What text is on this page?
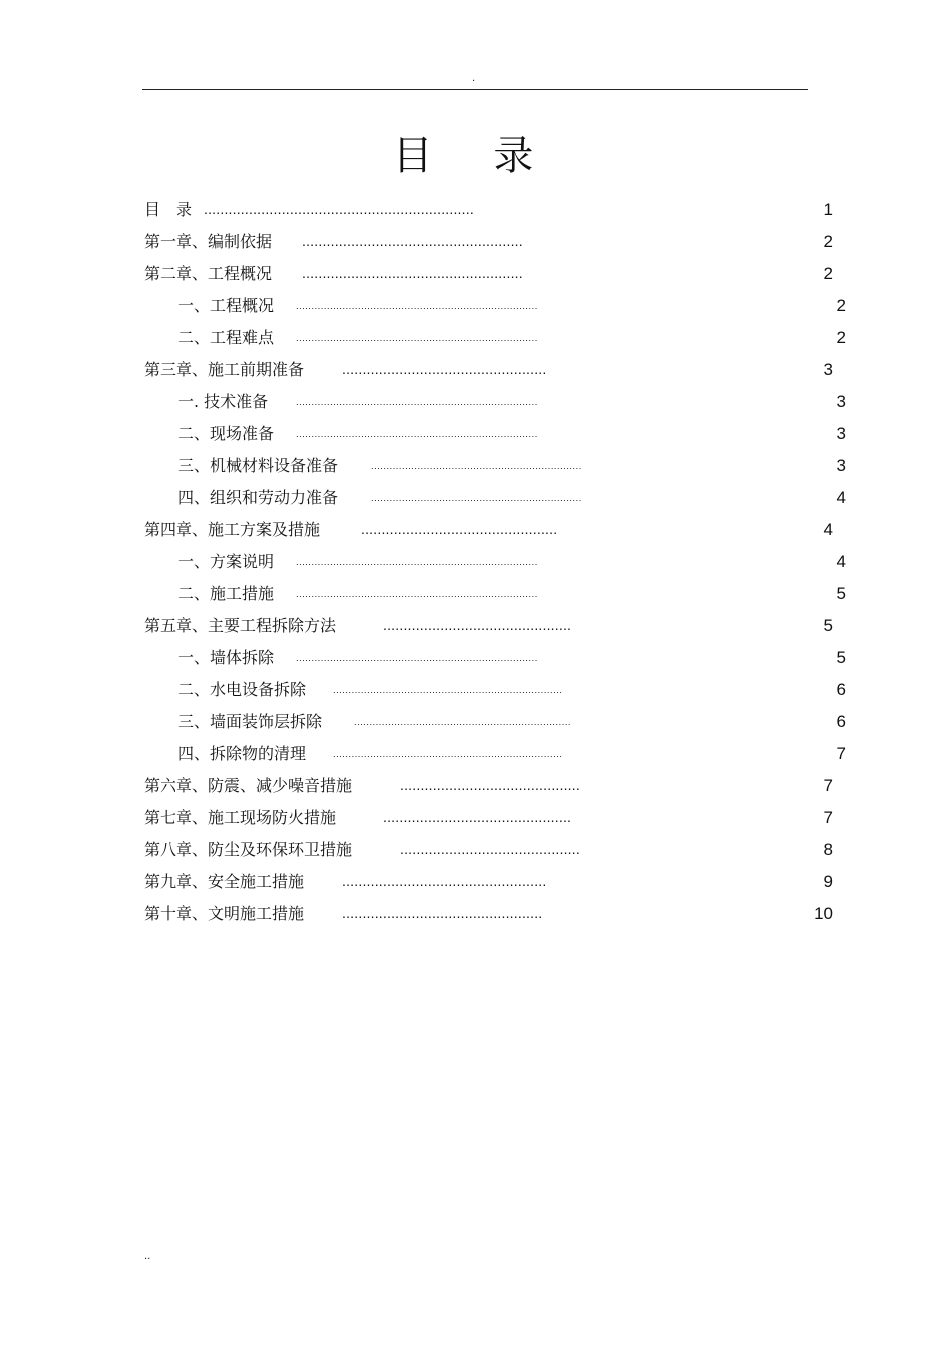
.
目 录
目　录 ..................................................................	1
第一章、编制依据 ......................................................	2
第二章、工程概况 ......................................................	2
一、工程概况 ..............................................................................	2
二、工程难点 ..............................................................................	2
第三章、施工前期准备	..................................................	3
一. 技术准备	..............................................................................	3
二、现场准备 ..............................................................................	3
三、机械材料设备准备	....................................................................	3
四、组织和劳动力准备	....................................................................	4
第四章、施工方案及措施	................................................	4
一、方案说明 ..............................................................................	4
二、施工措施 ..............................................................................	5
第五章、主要工程拆除方法	..............................................	5
一、墙体拆除 ..............................................................................	5
二、水电设备拆除	..........................................................................	6
三、墙面装饰层拆除	......................................................................	6
四、拆除物的清理	..........................................................................	7
第六章、防震、减少噪音措施	............................................	7
第七章、施工现场防火措施	..............................................	7
第八章、防尘及环保环卫措施	............................................	8
第九章、安全施工措施	..................................................	9
第十章、文明施工措施	.................................................	10
..
